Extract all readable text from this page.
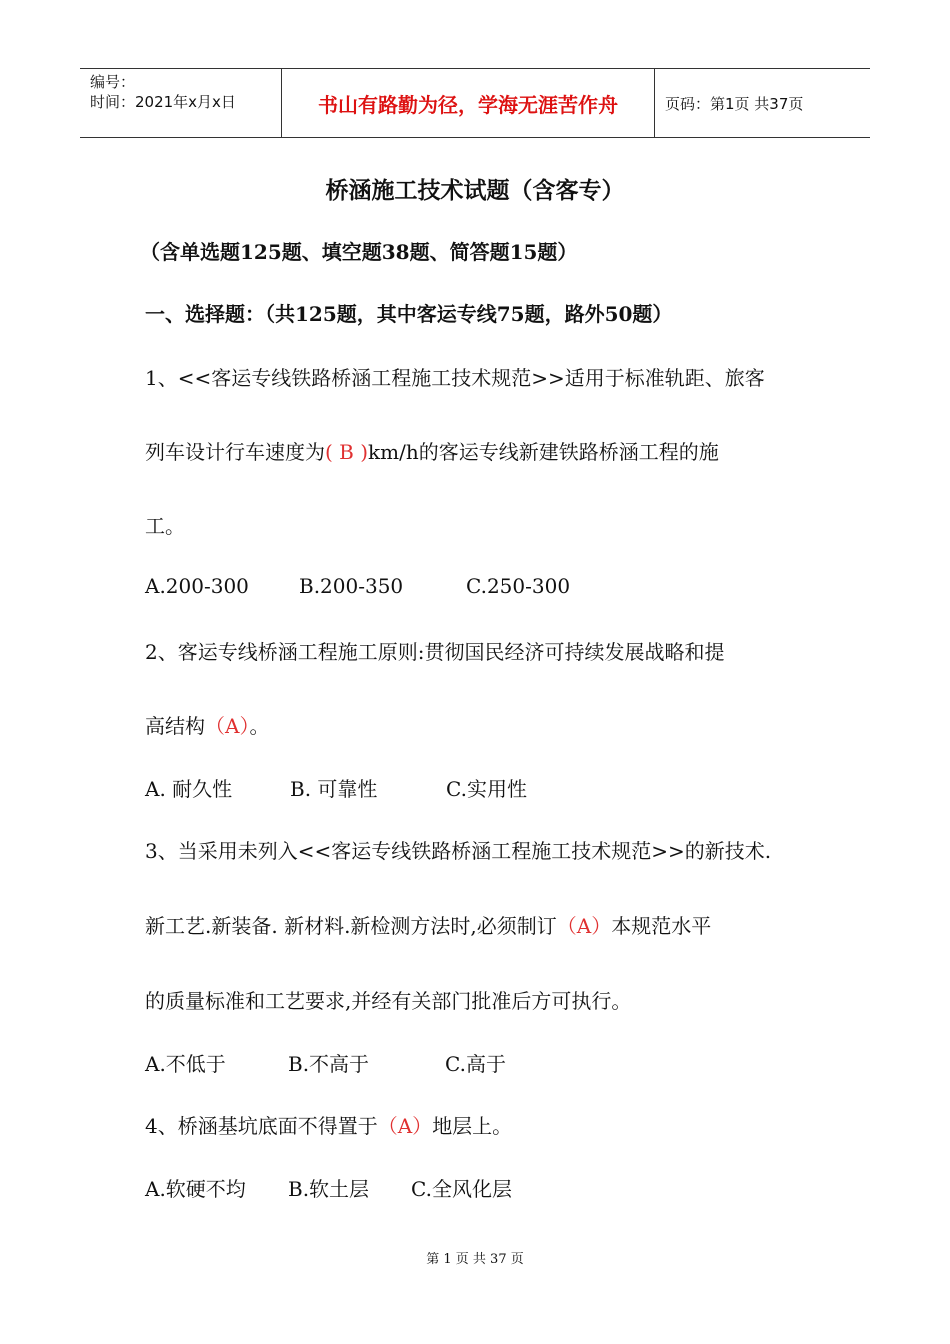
编号：
时间：2021年x月x日	书山有路勤为径，学海无涯苦作舟	页码：第1页 共37页
桥涵施工技术试题（含客专）
（含单选题125题、填空题38题、简答题15题）
一、选择题：（共125题，其中客运专线75题，路外50题）
1、<<客运专线铁路桥涵工程施工技术规范>>适用于标准轨距、旅客
列车设计行车速度为( B )km/h的客运专线新建铁路桥涵工程的施
工。
A.200-300	B.200-350	C.250-300
2、客运专线桥涵工程施工原则:贯彻国民经济可持续发展战略和提
高结构（A）。
A. 耐久性	B. 可靠性	C.实用性
3、当采用未列入<<客运专线铁路桥涵工程施工技术规范>>的新技术.
新工艺.新装备. 新材料.新检测方法时,必须制订（A）本规范水平
的质量标准和工艺要求,并经有关部门批准后方可执行。
A.不低于	B.不高于	C.高于
4、桥涵基坑底面不得置于（A）地层上。
A.软硬不均 B.软土层 C.全风化层
第 1 页 共 37 页
